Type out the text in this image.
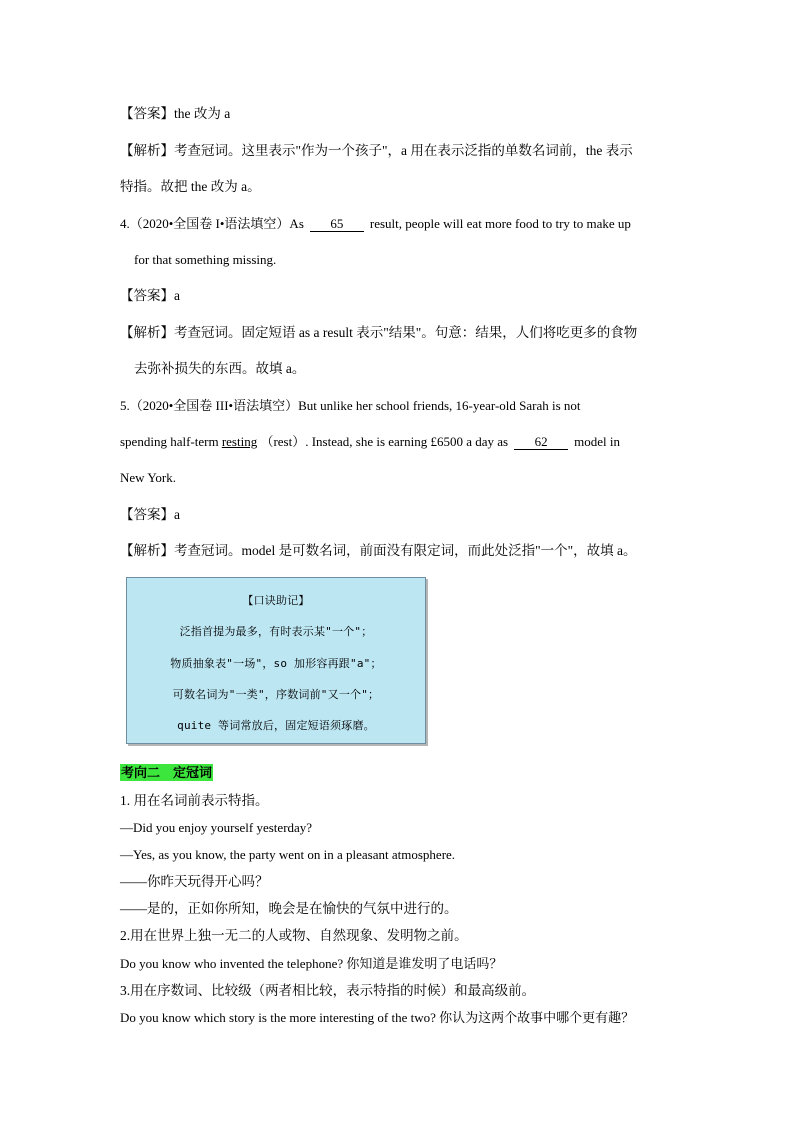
【答案】the 改为 a
【解析】考查冠词。这里表示"作为一个孩子"，a 用在表示泛指的单数名词前，the 表示
特指。故把 the 改为 a。
4.（2020•全国卷 I•语法填空）As 65 result, people will eat more food to try to make up
for that something missing.
【答案】a
【解析】考查冠词。固定短语 as a result 表示"结果"。句意：结果，人们将吃更多的食物
去弥补损失的东西。故填 a。
5.（2020•全国卷 III•语法填空）But unlike her school friends, 16-year-old Sarah is not
spending half-term resting （rest）. Instead, she is earning £6500 a day as 62 model in
New York.
【答案】a
【解析】考查冠词。model 是可数名词，前面没有限定词，而此处泛指"一个"，故填 a。
【口诀助记】
泛指首提为最多，有时表示某"一个"；
物质抽象表"一场"，so 加形容再跟"a"；
可数名词为"一类"，序数词前"又一个"；
quite 等词常放后，固定短语须琢磨。
考向二　定冠词
1. 用在名词前表示特指。
—Did you enjoy yourself yesterday?
—Yes, as you know, the party went on in a pleasant atmosphere.
——你昨天玩得开心吗？
——是的，正如你所知，晚会是在愉快的气氛中进行的。
2.用在世界上独一无二的人或物、自然现象、发明物之前。
Do you know who invented the telephone? 你知道是谁发明了电话吗？
3.用在序数词、比较级（两者相比较，表示特指的时候）和最高级前。
Do you know which story is the more interesting of the two? 你认为这两个故事中哪个更有趣？
